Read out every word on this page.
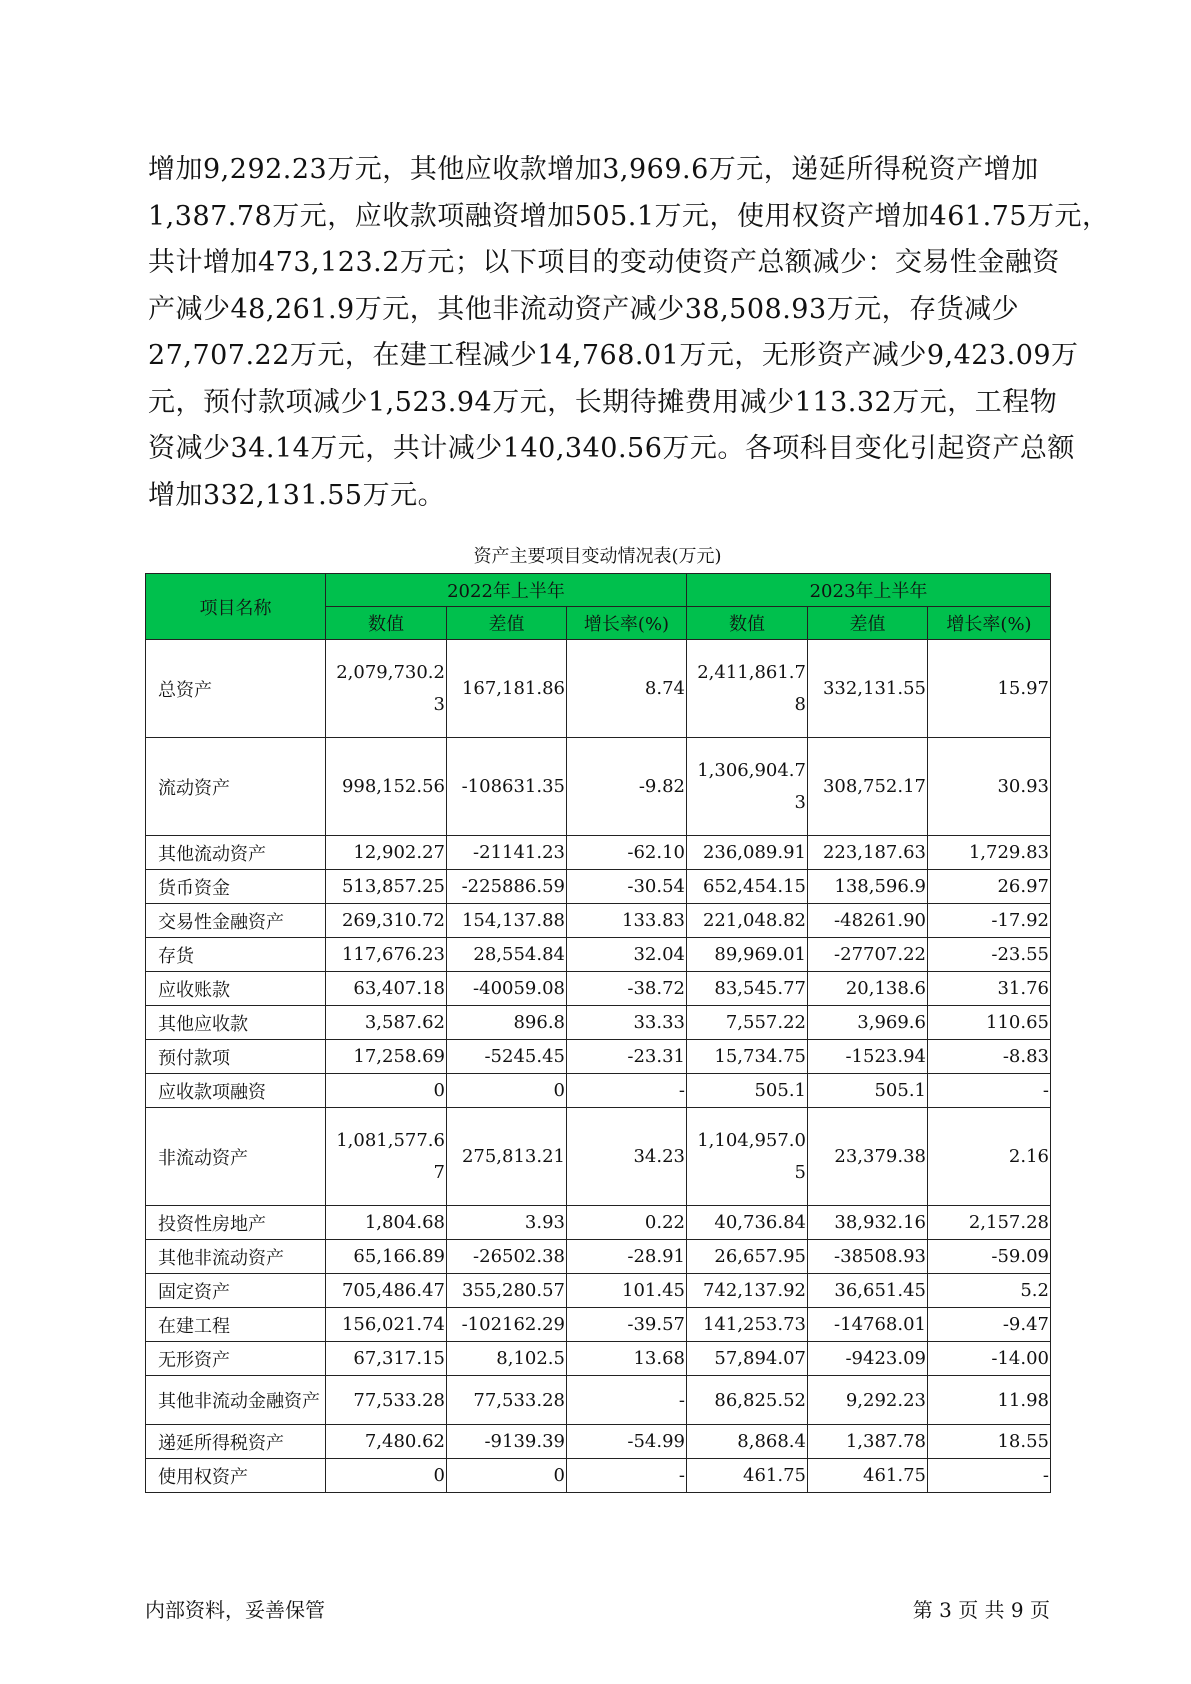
增加9,292.23万元，其他应收款增加3,969.6万元，递延所得税资产增加
1,387.78万元，应收款项融资增加505.1万元，使用权资产增加461.75万元，
共计增加473,123.2万元；以下项目的变动使资产总额减少：交易性金融资
产减少48,261.9万元，其他非流动资产减少38,508.93万元，存货减少
27,707.22万元，在建工程减少14,768.01万元，无形资产减少9,423.09万
元，预付款项减少1,523.94万元，长期待摊费用减少113.32万元，工程物
资减少34.14万元，共计减少140,340.56万元。各项科目变化引起资产总额
增加332,131.55万元。

资产主要项目变动情况表(万元)
项目名称	2022年上半年			2023年上半年		
	数值	差值	增长率(%)	数值	差值	增长率(%)
总资产	2,079,730.23	167,181.86	8.74	2,411,861.78	332,131.55	15.97
流动资产	998,152.56	-108631.35	-9.82	1,306,904.73	308,752.17	30.93
其他流动资产	12,902.27	-21141.23	-62.10	236,089.91	223,187.63	1,729.83
货币资金	513,857.25	-225886.59	-30.54	652,454.15	138,596.9	26.97
交易性金融资产	269,310.72	154,137.88	133.83	221,048.82	-48261.90	-17.92
存货	117,676.23	28,554.84	32.04	89,969.01	-27707.22	-23.55
应收账款	63,407.18	-40059.08	-38.72	83,545.77	20,138.6	31.76
其他应收款	3,587.62	896.8	33.33	7,557.22	3,969.6	110.65
预付款项	17,258.69	-5245.45	-23.31	15,734.75	-1523.94	-8.83
应收款项融资	0	0	-	505.1	505.1	-
非流动资产	1,081,577.67	275,813.21	34.23	1,104,957.05	23,379.38	2.16
投资性房地产	1,804.68	3.93	0.22	40,736.84	38,932.16	2,157.28
其他非流动资产	65,166.89	-26502.38	-28.91	26,657.95	-38508.93	-59.09
固定资产	705,486.47	355,280.57	101.45	742,137.92	36,651.45	5.2
在建工程	156,021.74	-102162.29	-39.57	141,253.73	-14768.01	-9.47
无形资产	67,317.15	8,102.5	13.68	57,894.07	-9423.09	-14.00
其他非流动金融资产	77,533.28	77,533.28	-	86,825.52	9,292.23	11.98
递延所得税资产	7,480.62	-9139.39	-54.99	8,868.4	1,387.78	18.55
使用权资产	0	0	-	461.75	461.75	-
内部资料，妥善保管	第 3 页 共 9 页
